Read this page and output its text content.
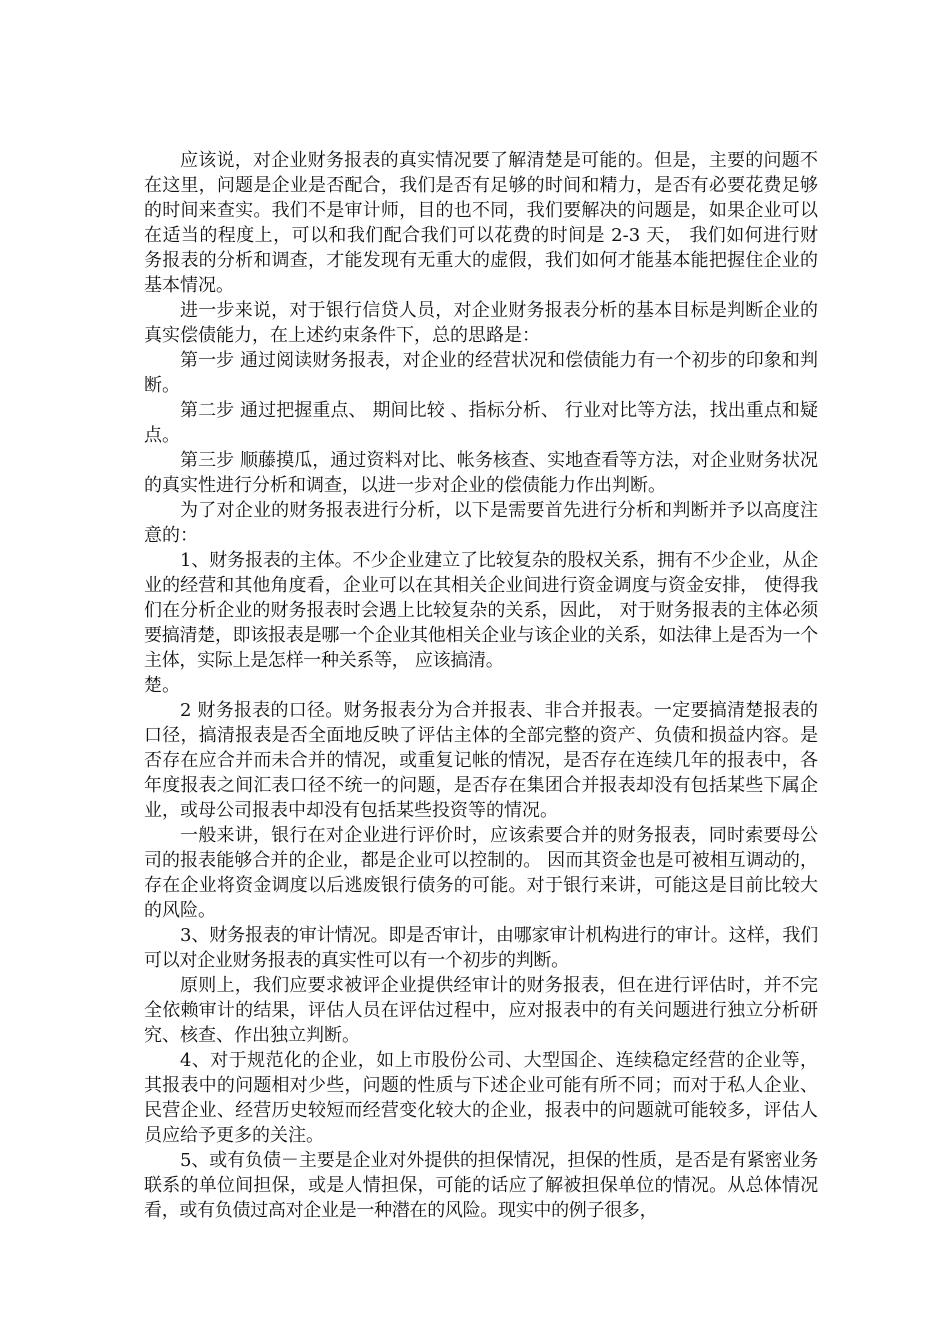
应该说，对企业财务报表的真实情况要了解清楚是可能的。但是，主要的问题不在这里，问题是企业是否配合，我们是否有足够的时间和精力，是否有必要花费足够的时间来查实。我们不是审计师，目的也不同，我们要解决的问题是，如果企业可以在适当的程度上，可以和我们配合我们可以花费的时间是 2-3 天， 我们如何进行财务报表的分析和调查，才能发现有无重大的虚假，我们如何才能基本能把握住企业的基本情况。

进一步来说，对于银行信贷人员，对企业财务报表分析的基本目标是判断企业的真实偿债能力，在上述约束条件下，总的思路是：

第一步 通过阅读财务报表，对企业的经营状况和偿债能力有一个初步的印象和判断。

第二步 通过把握重点、 期间比较 、指标分析、 行业对比等方法，找出重点和疑点。

第三步 顺藤摸瓜，通过资料对比、帐务核查、实地查看等方法，对企业财务状况的真实性进行分析和调查，以进一步对企业的偿债能力作出判断。

为了对企业的财务报表进行分析，以下是需要首先进行分析和判断并予以高度注意的：

1、财务报表的主体。不少企业建立了比较复杂的股权关系，拥有不少企业，从企业的经营和其他角度看，企业可以在其相关企业间进行资金调度与资金安排， 使得我们在分析企业的财务报表时会遇上比较复杂的关系，因此， 对于财务报表的主体必须要搞清楚，即该报表是哪一个企业其他相关企业与该企业的关系，如法律上是否为一个主体，实际上是怎样一种关系等， 应该搞清。

楚。

2 财务报表的口径。财务报表分为合并报表、非合并报表。一定要搞清楚报表的口径，搞清报表是否全面地反映了评估主体的全部完整的资产、负债和损益内容。是否存在应合并而未合并的情况，或重复记帐的情况，是否存在连续几年的报表中，各年度报表之间汇表口径不统一的问题，是否存在集团合并报表却没有包括某些下属企业，或母公司报表中却没有包括某些投资等的情况。

一般来讲，银行在对企业进行评价时，应该索要合并的财务报表，同时索要母公司的报表能够合并的企业，都是企业可以控制的。 因而其资金也是可被相互调动的，存在企业将资金调度以后逃废银行债务的可能。对于银行来讲，可能这是目前比较大的风险。

3、财务报表的审计情况。即是否审计，由哪家审计机构进行的审计。这样，我们可以对企业财务报表的真实性可以有一个初步的判断。

原则上，我们应要求被评企业提供经审计的财务报表，但在进行评估时，并不完全依赖审计的结果，评估人员在评估过程中，应对报表中的有关问题进行独立分析研究、核查、作出独立判断。

4、对于规范化的企业，如上市股份公司、大型国企、连续稳定经营的企业等，其报表中的问题相对少些，问题的性质与下述企业可能有所不同；而对于私人企业、民营企业、经营历史较短而经营变化较大的企业，报表中的问题就可能较多，评估人员应给予更多的关注。

5、或有负债－主要是企业对外提供的担保情况，担保的性质，是否是有紧密业务联系的单位间担保，或是人情担保，可能的话应了解被担保单位的情况。从总体情况看，或有负债过高对企业是一种潜在的风险。现实中的例子很多，
